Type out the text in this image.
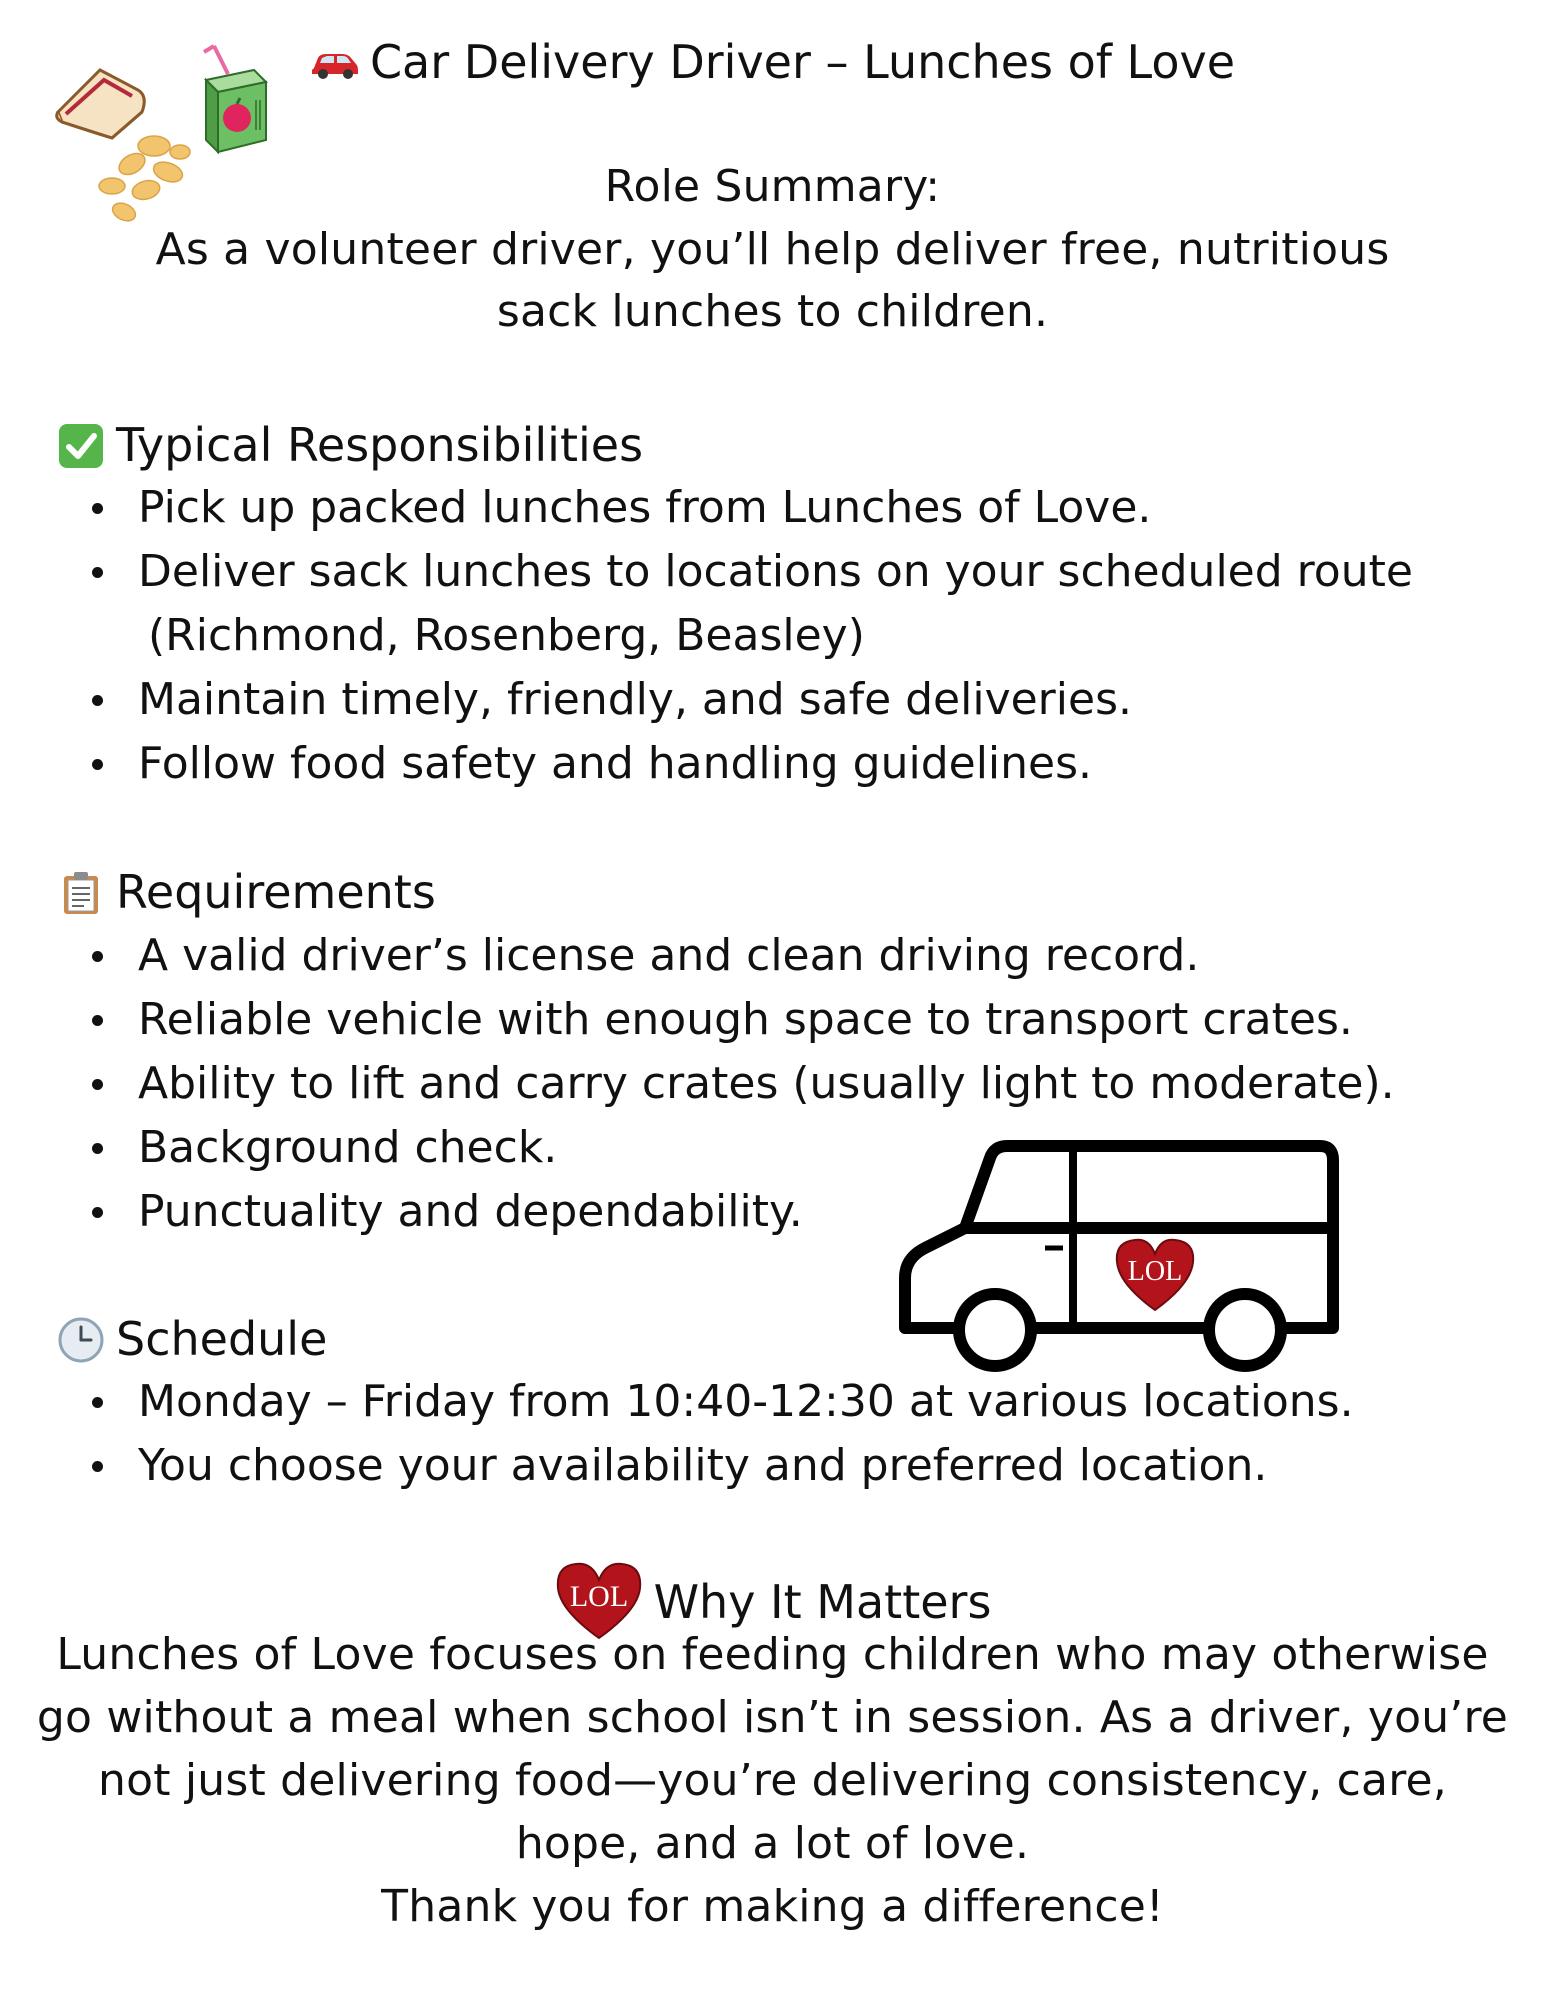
Car Delivery Driver – Lunches of Love
Role Summary:
As a volunteer driver, you’ll help deliver free, nutritious
sack lunches to children.
Typical Responsibilities
Pick up packed lunches from Lunches of Love.
Deliver sack lunches to locations on your scheduled route
(Richmond, Rosenberg, Beasley)
Maintain timely, friendly, and safe deliveries.
Follow food safety and handling guidelines.
Requirements
A valid driver’s license and clean driving record.
Reliable vehicle with enough space to transport crates.
Ability to lift and carry crates (usually light to moderate).
Background check.
Punctuality and dependability.
LOL
Schedule
Monday – Friday from 10:40-12:30 at various locations.
You choose your availability and preferred location.
LOL Why It Matters
Lunches of Love focuses on feeding children who may otherwise
go without a meal when school isn’t in session. As a driver, you’re
not just delivering food—you’re delivering consistency, care,
hope, and a lot of love.
Thank you for making a difference!
